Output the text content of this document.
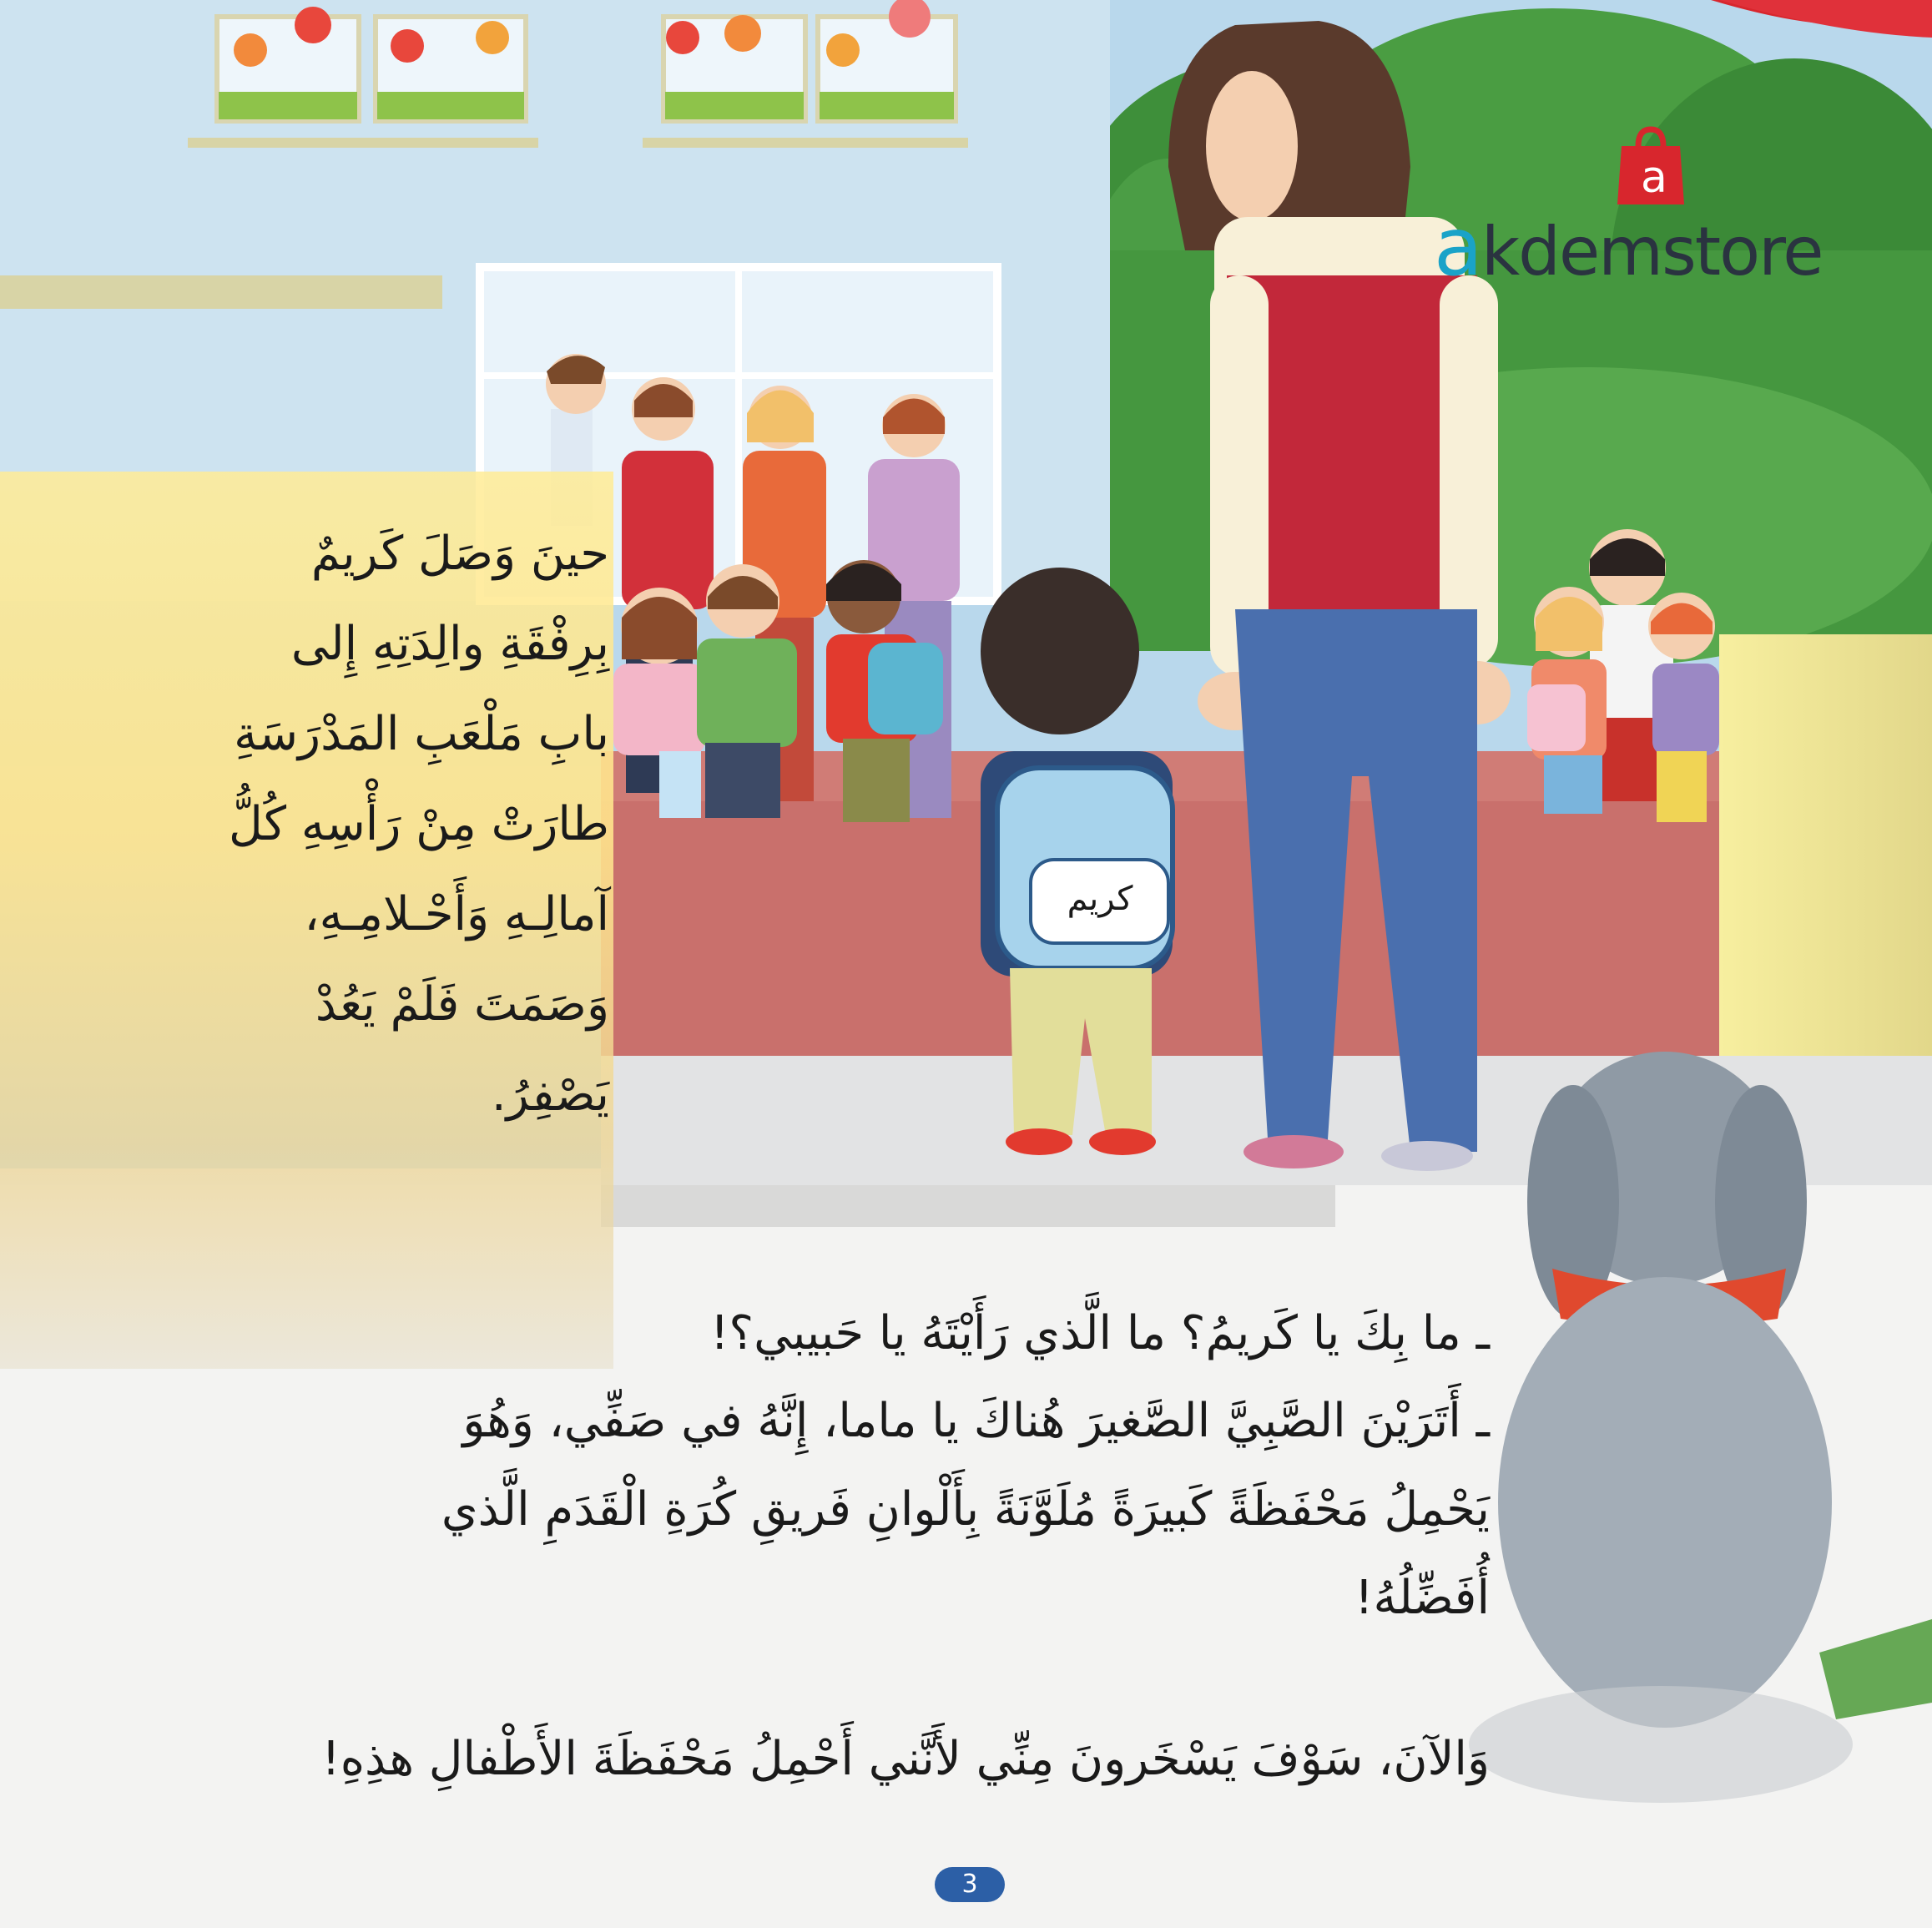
كريم
حينَ وَصَلَ كَريمٌ
بِرِفْقَةِ والِدَتِهِ إِلى
بابِ مَلْعَبِ المَدْرَسَةِ
طارَتْ مِنْ رَأْسِهِ كُلُّ
آمالِـهِ وَأَحْـلامِـهِ،
وَصَمَتَ فَلَمْ يَعُدْ
يَصْفِرُ.
ـ ما بِكَ يا كَريمُ؟ ما الَّذي رَأَيْتَهُ يا حَبيبي؟!
ـ أَتَرَيْنَ الصَّبِيَّ الصَّغيرَ هُناكَ يا ماما، إِنَّهُ في صَفِّي، وَهُوَ
يَحْمِلُ مَحْفَظَةً كَبيرَةً مُلَوَّنَةً بِأَلْوانِ فَريقِ كُرَةِ الْقَدَمِ الَّذي
أُفَضِّلُهُ!
وَالآنَ، سَوْفَ يَسْخَرونَ مِنِّي لأَنَّني أَحْمِلُ مَحْفَظَةَ الأَطْفالِ هذِهِ!
a
akdemstore
3
